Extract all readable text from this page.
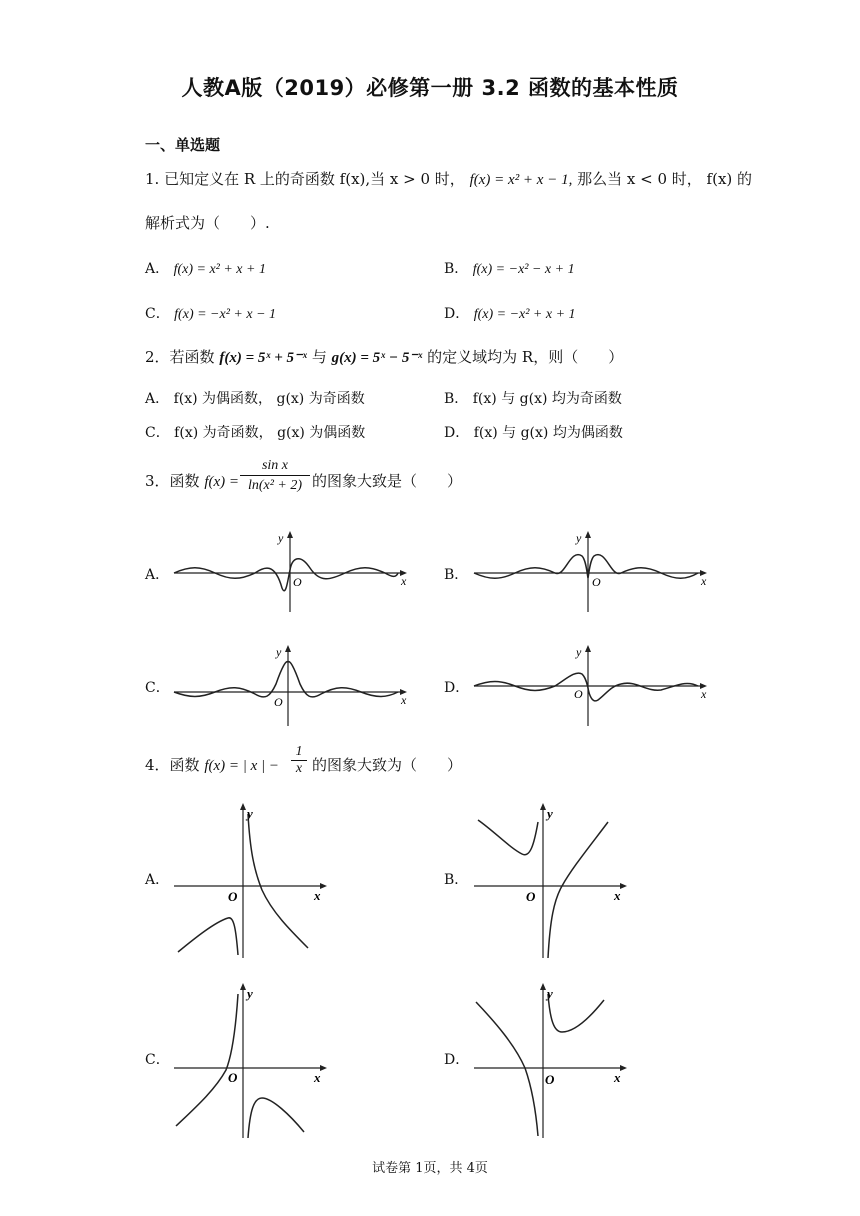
人教A版（2019）必修第一册 3.2 函数的基本性质
一、单选题
1. 已知定义在 R 上的奇函数 f(x),当 x > 0 时， f(x) = x² + x − 1, 那么当 x < 0 时， f(x) 的
解析式为（　　）.
A． f(x) = x² + x + 1	B． f(x) = −x² − x + 1
C． f(x) = −x² + x − 1	D． f(x) = −x² + x + 1
2．若函数 f(x) = 5ˣ + 5⁻ˣ 与 g(x) = 5ˣ − 5⁻ˣ 的定义域均为 R，则（　　）
A． f(x) 为偶函数， g(x) 为奇函数	B． f(x) 与 g(x) 均为奇函数
C． f(x) 为奇函数， g(x) 为偶函数	D． f(x) 与 g(x) 均为偶函数
3．函数 $f(x) = \frac{\text{sin x}}{\text{ln(x² + 2)}}$ 的图象大致是（　　）
A．	B．
C．	D．
x
y
O	x
y
O
x
y
O
x
y
O
4．函数 f(x) = | x | − $\frac{1}{x}$ 的图象大致为（　　）
A．	B．
C．	D．
x
y
O	x
y
O
x
y
O	x
y
O
试卷第 1页，共 4页
